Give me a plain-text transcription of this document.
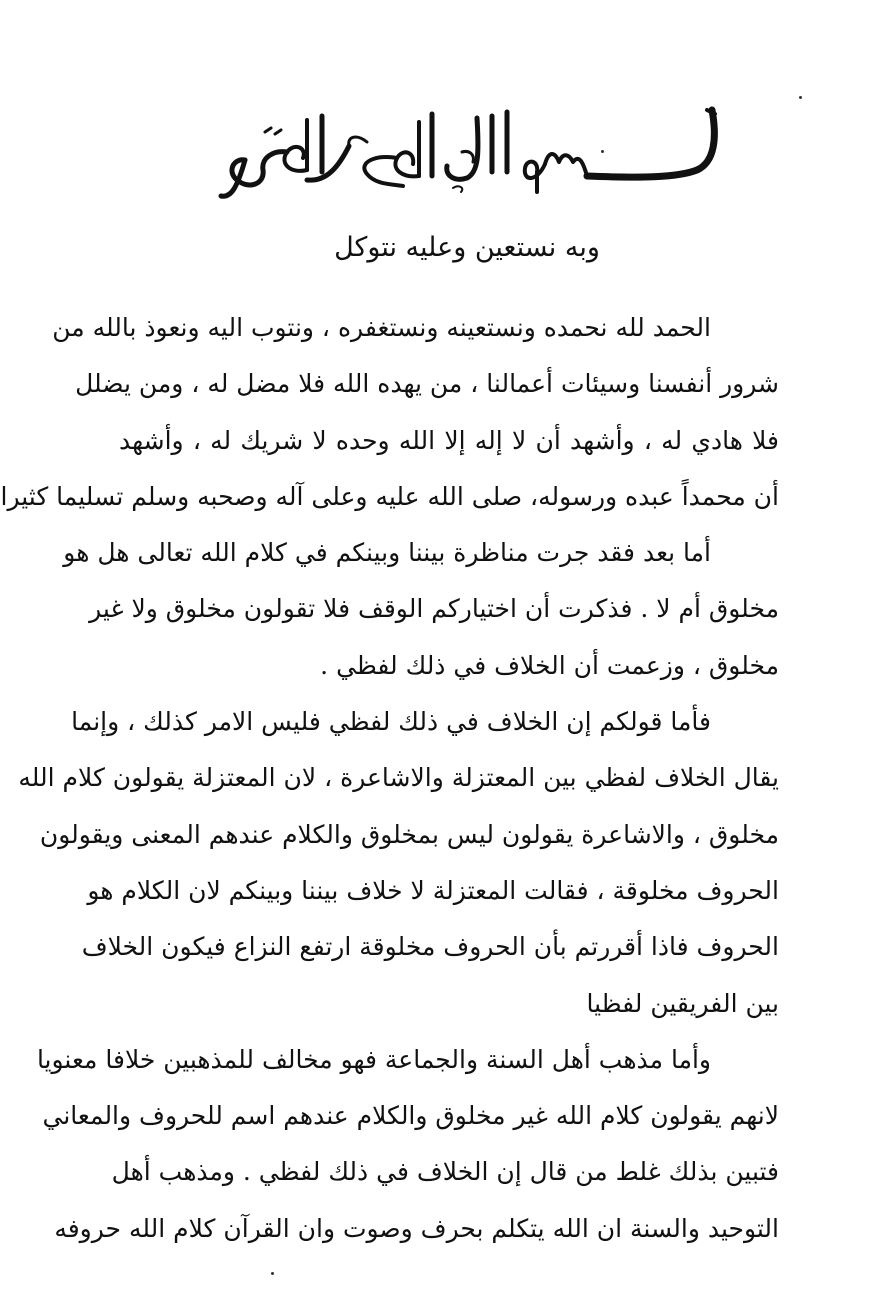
وبه نستعين وعليه نتوكل

الحمد لله نحمده ونستعينه ونستغفره ، ونتوب اليه ونعوذ بالله من
شرور أنفسنا وسيئات أعمالنا ، من يهده الله فلا مضل له ، ومن يضلل
فلا هادي له ، وأشهد أن لا إله إلا الله وحده لا شريك له ، وأشهد
أن محمداً عبده ورسوله، صلى الله عليه وعلى آله وصحبه وسلم تسليما كثيرا

أما بعد فقد جرت مناظرة بيننا وبينكم في كلام الله تعالى هل هو
مخلوق أم لا . فذكرت أن اختياركم الوقف فلا تقولون مخلوق ولا غير
مخلوق ، وزعمت أن الخلاف في ذلك لفظي .

فأما قولكم إن الخلاف في ذلك لفظي فليس الامر كذلك ، وإنما
يقال الخلاف لفظي بين المعتزلة والاشاعرة ، لان المعتزلة يقولون كلام الله
مخلوق ، والاشاعرة يقولون ليس بمخلوق والكلام عندهم المعنى ويقولون
الحروف مخلوقة ، فقالت المعتزلة لا خلاف بيننا وبينكم لان الكلام هو
الحروف فاذا أقررتم بأن الحروف مخلوقة ارتفع النزاع فيكون الخلاف
بين الفريقين لفظيا

وأما مذهب أهل السنة والجماعة فهو مخالف للمذهبين خلافا معنويا
لانهم يقولون كلام الله غير مخلوق والكلام عندهم اسم للحروف والمعاني
فتبين بذلك غلط من قال إن الخلاف في ذلك لفظي . ومذهب أهل
التوحيد والسنة ان الله يتكلم بحرف وصوت وان القرآن كلام الله حروفه
